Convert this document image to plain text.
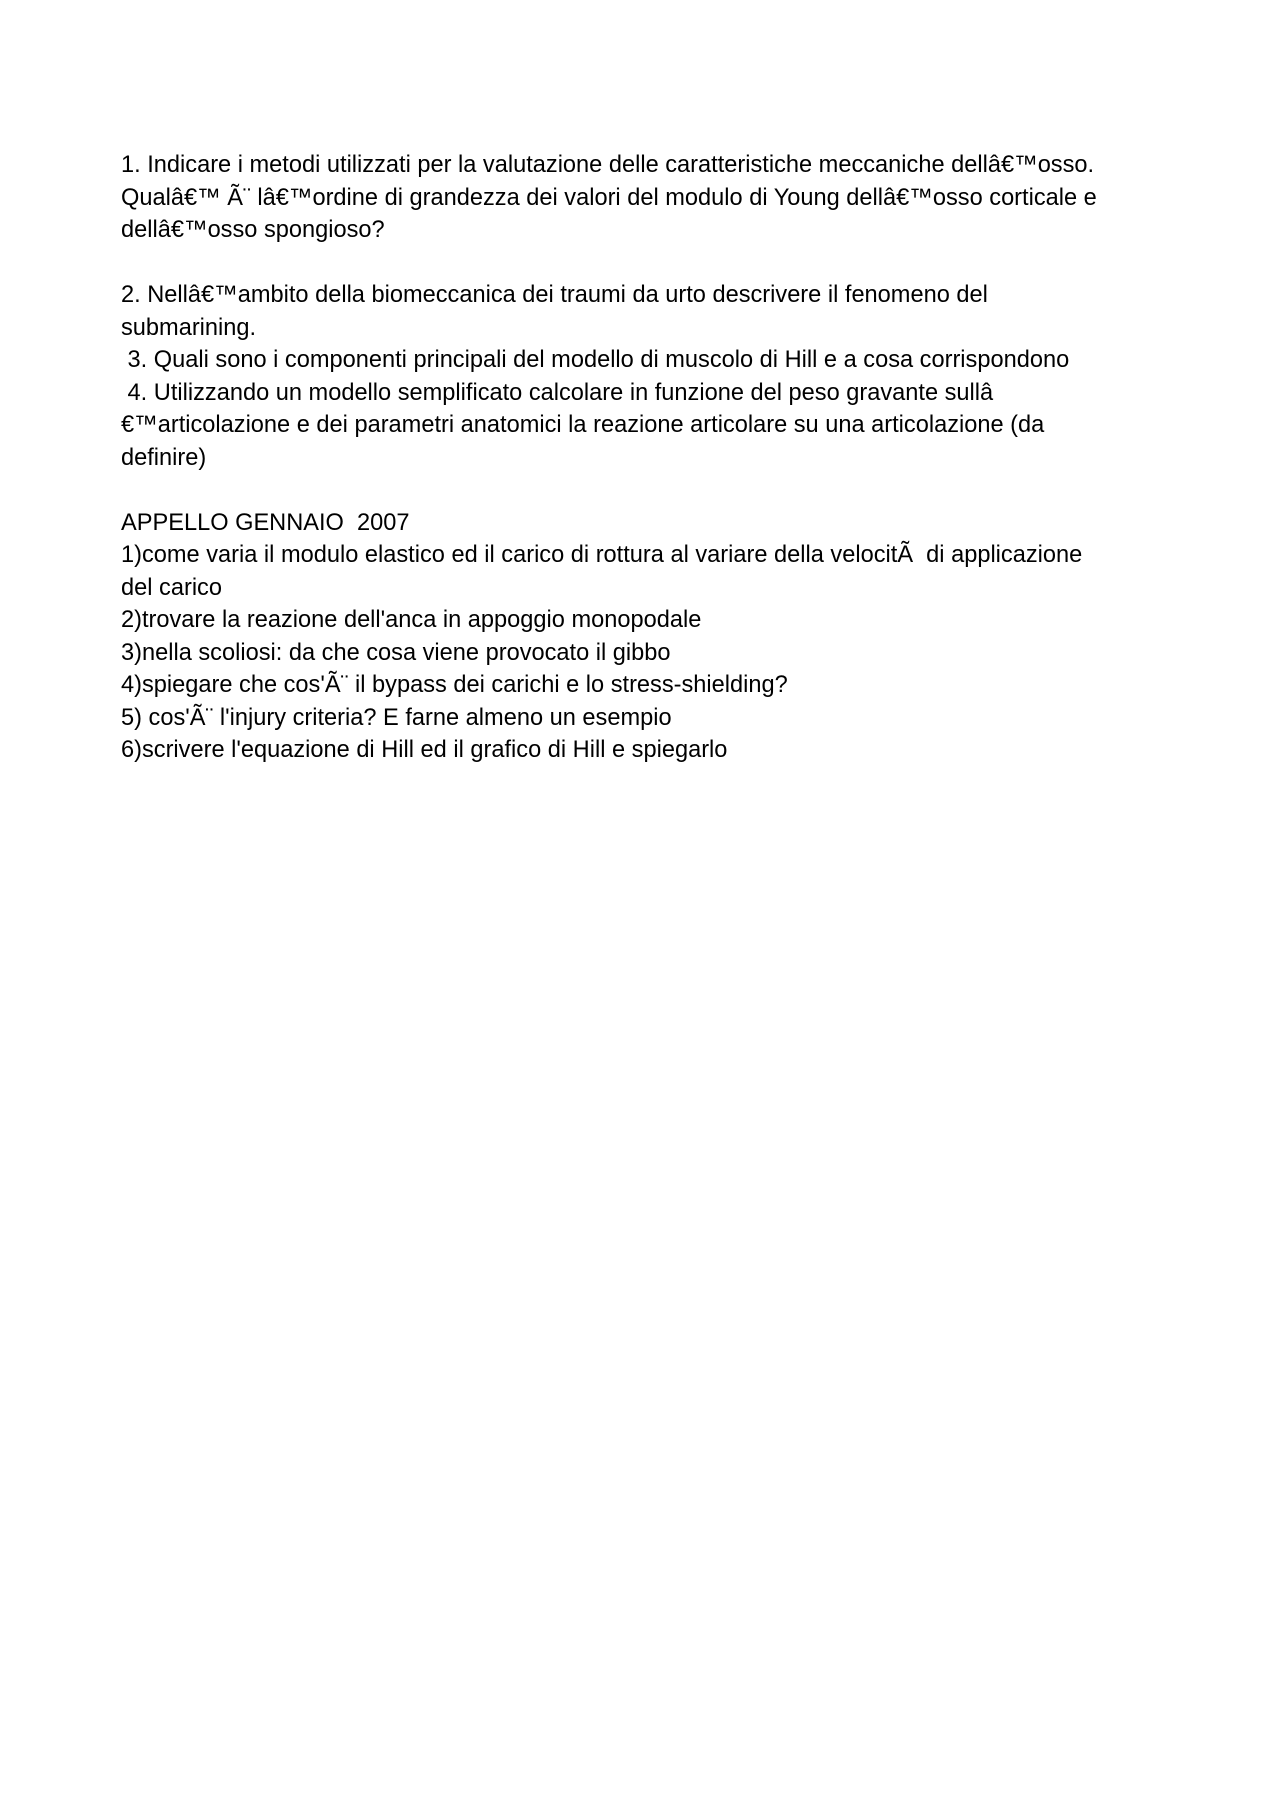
1. Indicare i metodi utilizzati per la valutazione delle caratteristiche meccaniche dellâ€™osso.
Qualâ€™ Ã¨ lâ€™ordine di grandezza dei valori del modulo di Young dellâ€™osso corticale e
dellâ€™osso spongioso?
2. Nellâ€™ambito della biomeccanica dei traumi da urto descrivere il fenomeno del
submarining.
3. Quali sono i componenti principali del modello di muscolo di Hill e a cosa corrispondono
4. Utilizzando un modello semplificato calcolare in funzione del peso gravante sullâ
€™articolazione e dei parametri anatomici la reazione articolare su una articolazione (da
definire)
APPELLO GENNAIO  2007
1)come varia il modulo elastico ed il carico di rottura al variare della velocitÃ  di applicazione
del carico
2)trovare la reazione dell'anca in appoggio monopodale
3)nella scoliosi: da che cosa viene provocato il gibbo
4)spiegare che cos'Ã¨ il bypass dei carichi e lo stress-shielding?
5) cos'Ã¨ l'injury criteria? E farne almeno un esempio
6)scrivere l'equazione di Hill ed il grafico di Hill e spiegarlo
